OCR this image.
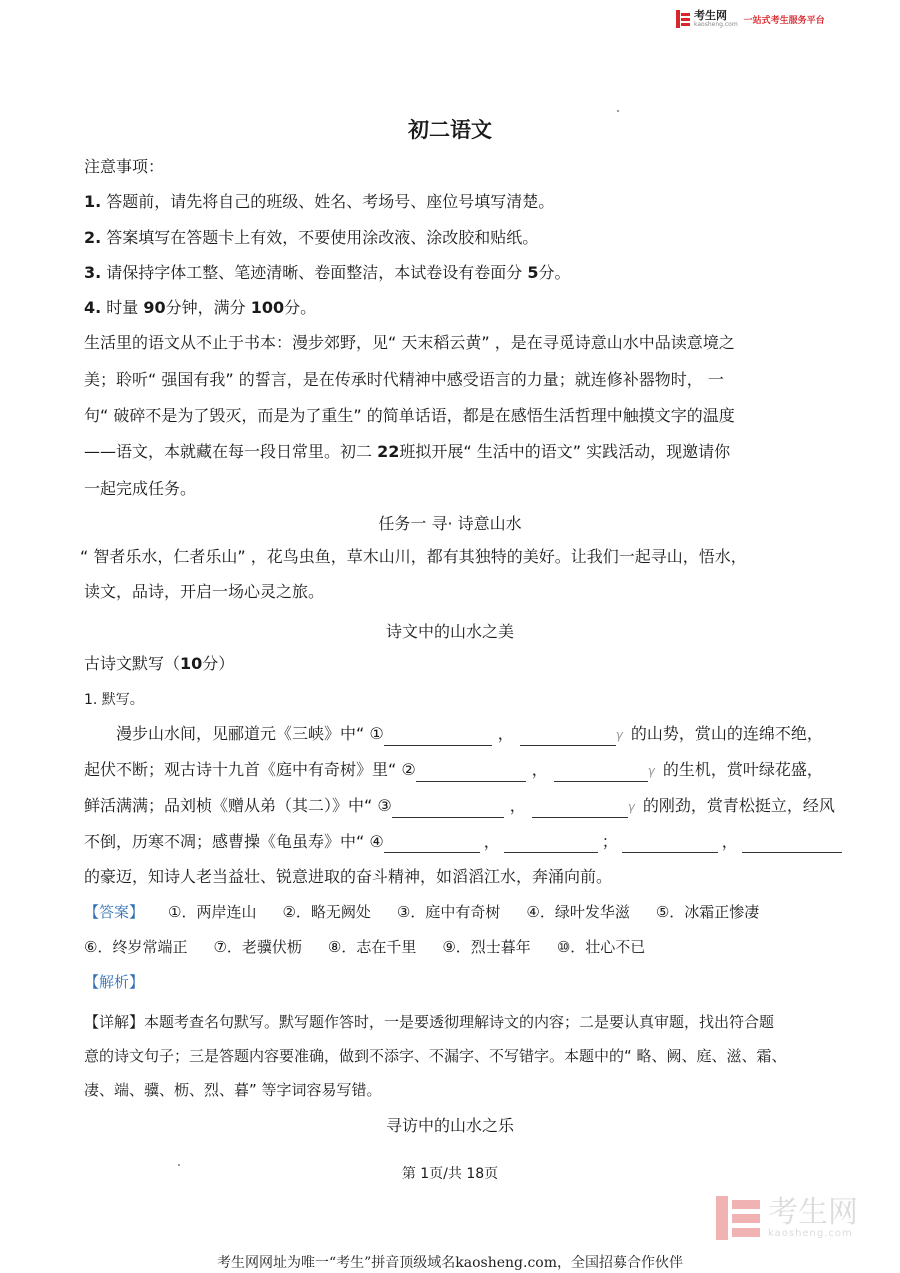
考生网
kaosheng.com 一站式考生服务平台
初二语文
注意事项：
1. 答题前，请先将自己的班级、姓名、考场号、座位号填写清楚。
2. 答案填写在答题卡上有效，不要使用涂改液、涂改胶和贴纸。
3. 请保持字体工整、笔迹清晰、卷面整洁，本试卷设有卷面分 5分。
4. 时量 90分钟，满分 100分。
生活里的语文从不止于书本：漫步郊野，见“ 天末稻云黄” ，是在寻觅诗意山水中品读意境之
美；聆听“ 强国有我” 的誓言，是在传承时代精神中感受语言的力量；就连修补器物时， 一
句“ 破碎不是为了毁灭，而是为了重生” 的简单话语，都是在感悟生活哲理中触摸文字的温度
——语文，本就藏在每一段日常里。初二 22班拟开展“ 生活中的语文” 实践活动，现邀请你
一起完成任务。
任务一 寻· 诗意山水
“ 智者乐水，仁者乐山” ，花鸟虫鱼，草木山川，都有其独特的美好。让我们一起寻山，悟水，
读文，品诗，开启一场心灵之旅。
诗文中的山水之美
古诗文默写（10分）
1. 默写。
漫步山水间，见郦道元《三峡》中“ ①	，	γ 的山势，赏山的连绵不绝，
起伏不断；观古诗十九首《庭中有奇树》里“ ②	，	γ 的生机，赏叶绿花盛，
鲜活满满；品刘桢《赠从弟（其二）》中“ ③	，	γ 的刚劲，赏青松挺立，经风
不倒，历寒不凋；感曹操《龟虽寿》中“ ④	，	；	，
的豪迈，知诗人老当益壮、锐意进取的奋斗精神，如滔滔江水，奔涌向前。
【答案】 ①．两岸连山 ②．略无阙处 ③．庭中有奇树 ④．绿叶发华滋 ⑤．冰霜正惨凄
⑥．终岁常端正 ⑦．老骥伏枥 ⑧．志在千里 ⑨．烈士暮年 ⑩．壮心不已
【解析】
【详解】本题考查名句默写。默写题作答时，一是要透彻理解诗文的内容；二是要认真审题，找出符合题
意的诗文句子；三是答题内容要准确，做到不添字、不漏字、不写错字。本题中的“ 略、阙、庭、滋、霜、
凄、端、骥、枥、烈、暮” 等字词容易写错。
寻访中的山水之乐
第 1页/共 18页
考生网
kaosheng.com
考生网网址为唯一“考生”拼音顶级域名kaosheng.com，全国招募合作伙伴
